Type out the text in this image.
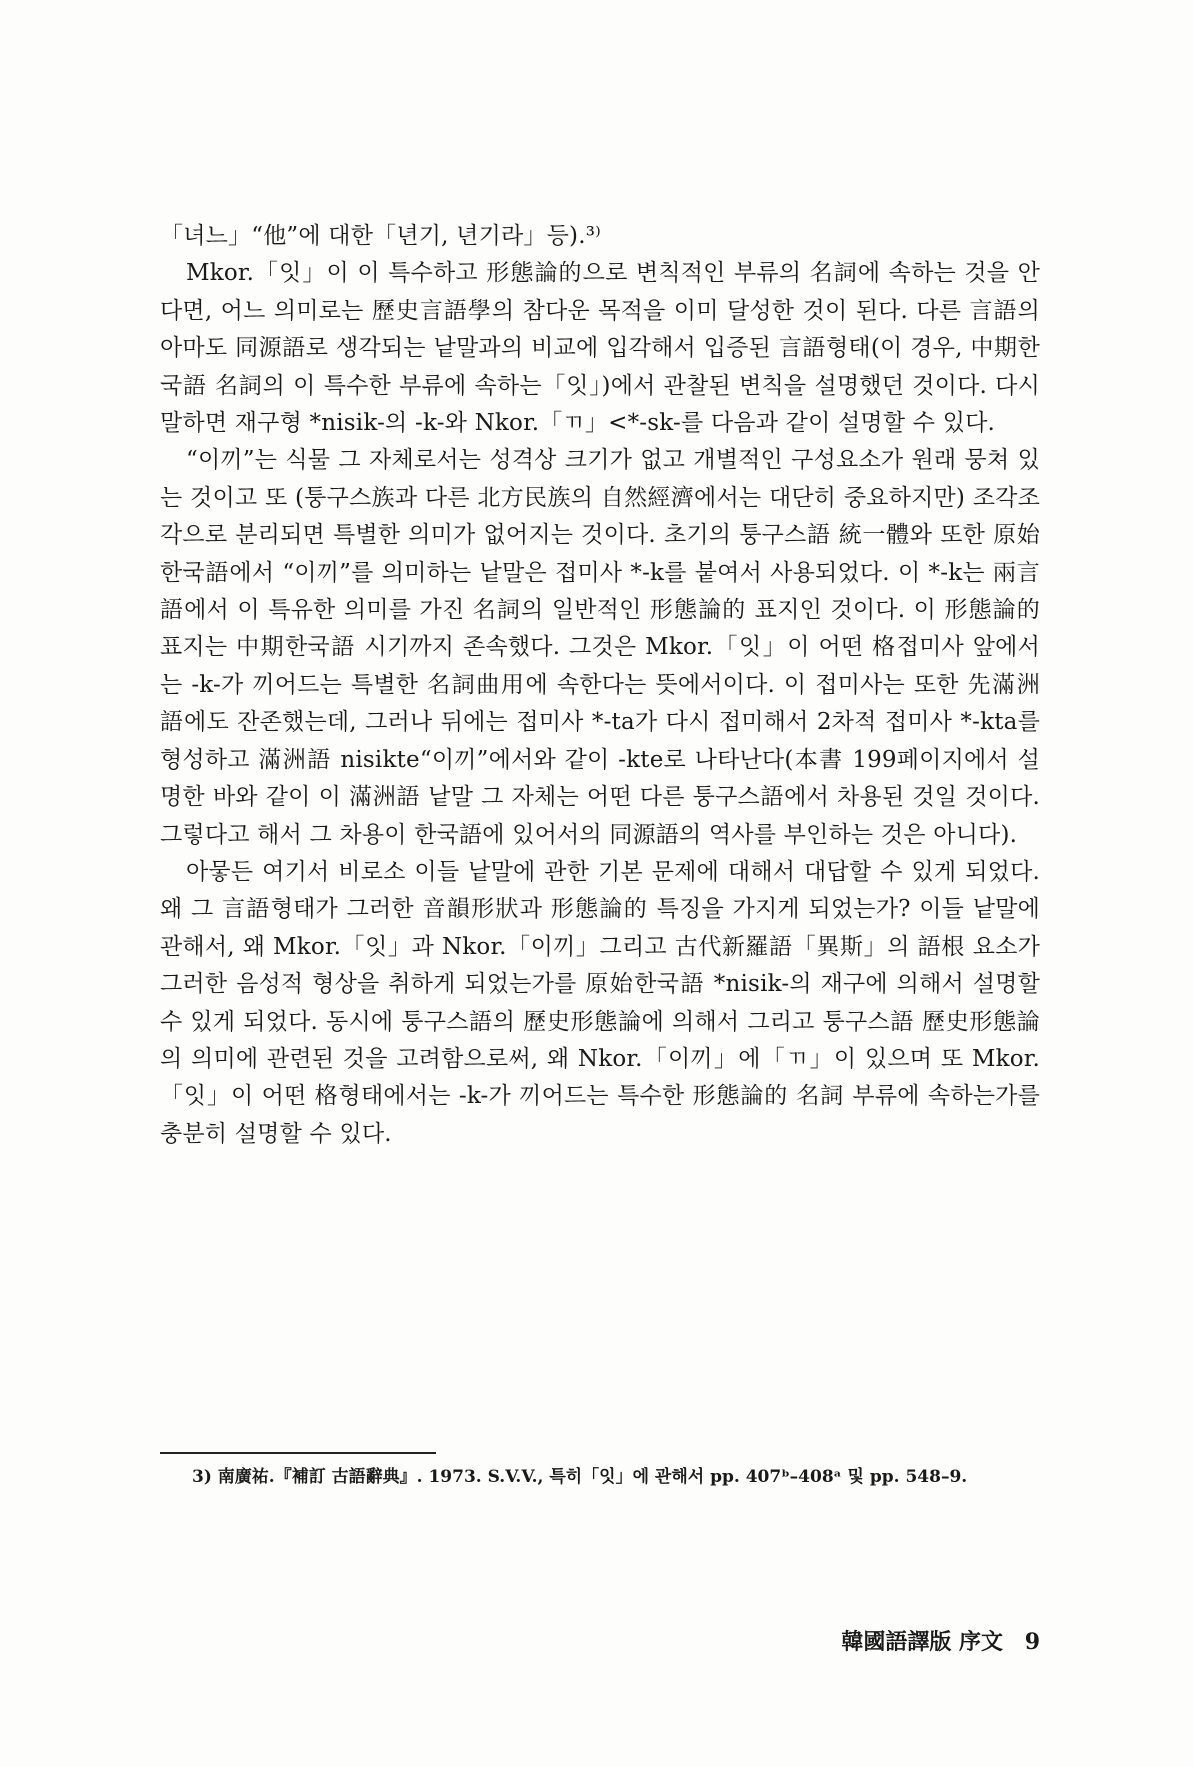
「녀느」“他”에 대한「년기, 년기라」등).³⁾

Mkor.「잇」이 이 특수하고 形態論的으로 변칙적인 부류의 名詞에 속하는 것을 안다면, 어느 의미로는 歷史言語學의 참다운 목적을 이미 달성한 것이 된다. 다른 言語의 아마도 同源語로 생각되는 낱말과의 비교에 입각해서 입증된 言語형태(이 경우, 中期한국語 名詞의 이 특수한 부류에 속하는「잇」)에서 관찰된 변칙을 설명했던 것이다. 다시 말하면 재구형 *nisik-의 -k-와 Nkor.「ㄲ」<*-sk-를 다음과 같이 설명할 수 있다.

“이끼”는 식물 그 자체로서는 성격상 크기가 없고 개별적인 구성요소가 원래 뭉쳐 있는 것이고 또 (퉁구스族과 다른 北方民族의 自然經濟에서는 대단히 중요하지만) 조각조각으로 분리되면 특별한 의미가 없어지는 것이다. 초기의 퉁구스語 統一體와 또한 原始한국語에서 “이끼”를 의미하는 낱말은 접미사 *-k를 붙여서 사용되었다. 이 *-k는 兩言語에서 이 특유한 의미를 가진 名詞의 일반적인 形態論的 표지인 것이다. 이 形態論的 표지는 中期한국語 시기까지 존속했다. 그것은 Mkor.「잇」이 어떤 格접미사 앞에서는 -k-가 끼어드는 특별한 名詞曲用에 속한다는 뜻에서이다. 이 접미사는 또한 先滿洲語에도 잔존했는데, 그러나 뒤에는 접미사 *-ta가 다시 접미해서 2차적 접미사 *-kta를 형성하고 滿洲語 nisikte“이끼”에서와 같이 -kte로 나타난다(本書 199페이지에서 설명한 바와 같이 이 滿洲語 낱말 그 자체는 어떤 다른 퉁구스語에서 차용된 것일 것이다. 그렇다고 해서 그 차용이 한국語에 있어서의 同源語의 역사를 부인하는 것은 아니다).

아뭏든 여기서 비로소 이들 낱말에 관한 기본 문제에 대해서 대답할 수 있게 되었다. 왜 그 言語형태가 그러한 音韻形狀과 形態論的 특징을 가지게 되었는가? 이들 낱말에 관해서, 왜 Mkor.「잇」과 Nkor.「이끼」그리고 古代新羅語「異斯」의 語根 요소가 그러한 음성적 형상을 취하게 되었는가를 原始한국語 *nisik-의 재구에 의해서 설명할 수 있게 되었다. 동시에 퉁구스語의 歷史形態論에 의해서 그리고 퉁구스語 歷史形態論의 의미에 관련된 것을 고려함으로써, 왜 Nkor.「이끼」에「ㄲ」이 있으며 또 Mkor.「잇」이 어떤 格형태에서는 -k-가 끼어드는 특수한 形態論的 名詞 부류에 속하는가를 충분히 설명할 수 있다.

3) 南廣祐.『補訂 古語辭典』. 1973. S.V.V., 특히「잇」에 관해서 pp. 407ᵇ–408ᵃ 및 pp. 548–9.
韓國語譯版 序文 9
